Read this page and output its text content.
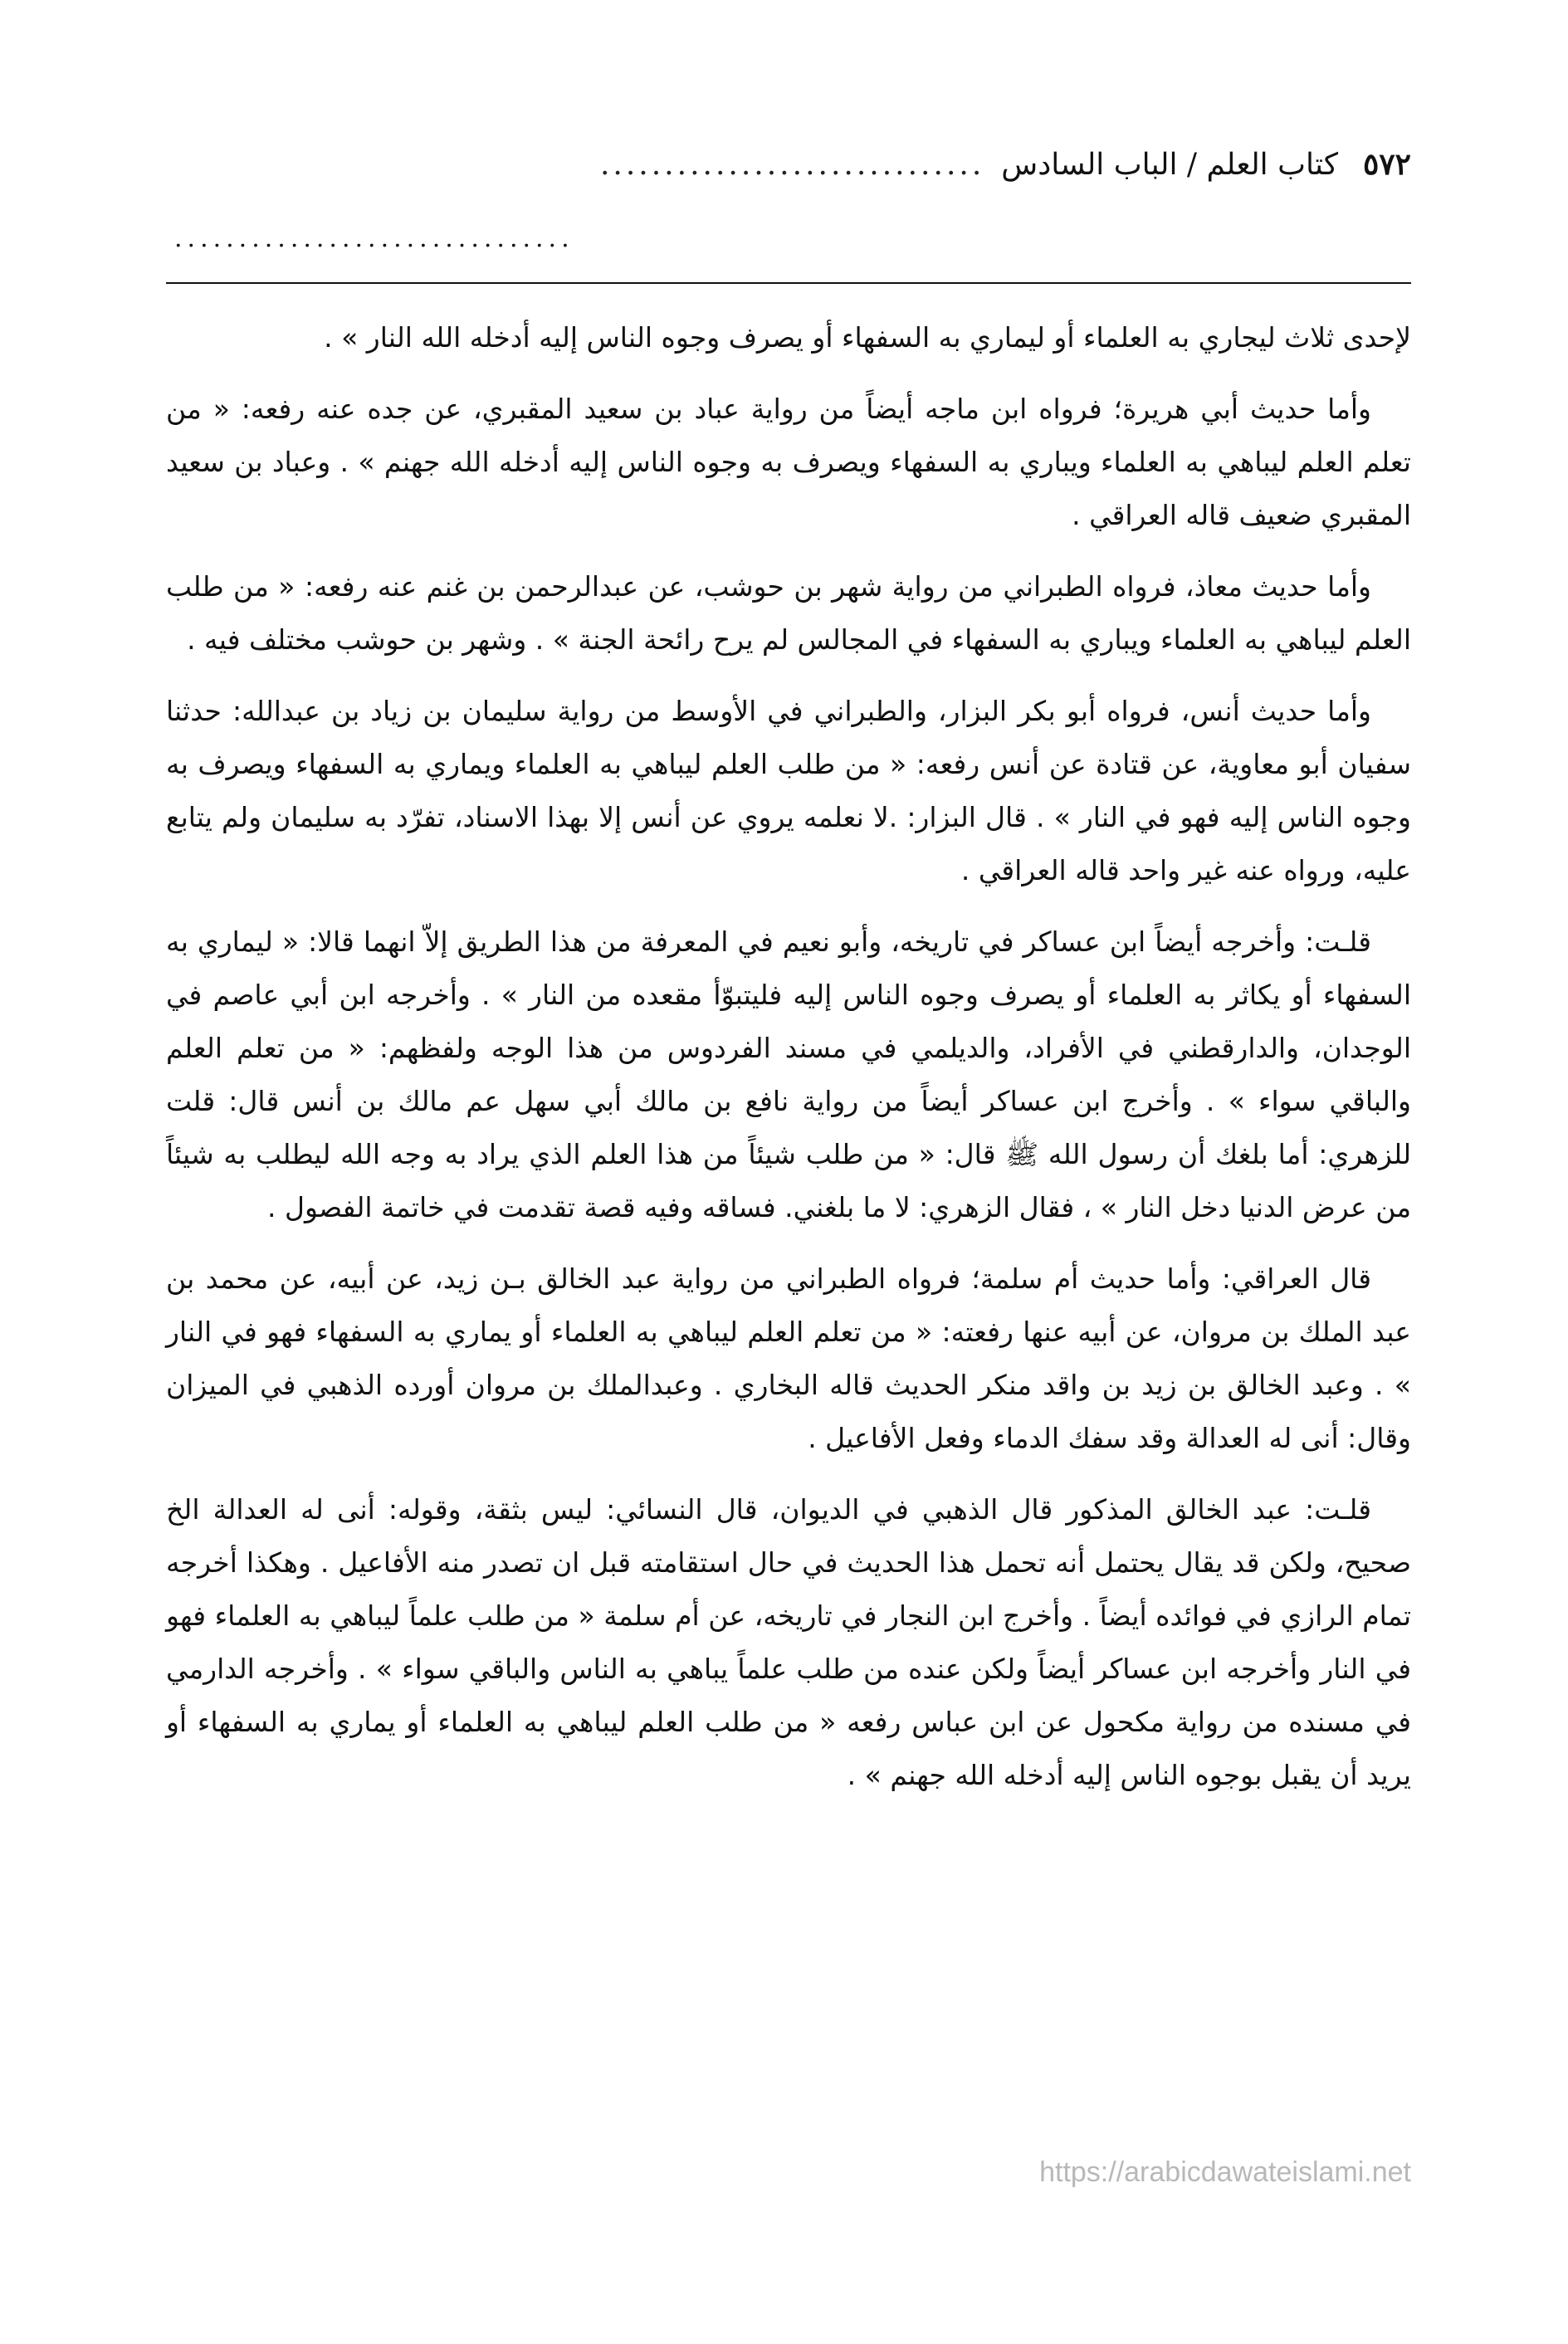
٥٧٢
كتاب العلم / الباب السادس
..............................
...............................

لإحدى ثلاث ليجاري به العلماء أو ليماري به السفهاء أو يصرف وجوه الناس إليه أدخله الله النار » .

وأما حديث أبي هريرة؛ فرواه ابن ماجه أيضاً من رواية عباد بن سعيد المقبري، عن جده عنه رفعه: « من تعلم العلم ليباهي به العلماء ويباري به السفهاء ويصرف به وجوه الناس إليه أدخله الله جهنم » . وعباد بن سعيد المقبري ضعيف قاله العراقي .

وأما حديث معاذ، فرواه الطبراني من رواية شهر بن حوشب، عن عبدالرحمن بن غنم عنه رفعه: « من طلب العلم ليباهي به العلماء ويباري به السفهاء في المجالس لم يرح رائحة الجنة » . وشهر بن حوشب مختلف فيه .

وأما حديث أنس، فرواه أبو بكر البزار، والطبراني في الأوسط من رواية سليمان بن زياد بن عبدالله: حدثنا سفيان أبو معاوية، عن قتادة عن أنس رفعه: « من طلب العلم ليباهي به العلماء ويماري به السفهاء ويصرف به وجوه الناس إليه فهو في النار » . قال البزار: .لا نعلمه يروي عن أنس إلا بهذا الاسناد، تفرّد به سليمان ولم يتابع عليه، ورواه عنه غير واحد قاله العراقي .

قلـت: وأخرجه أيضاً ابن عساكر في تاريخه، وأبو نعيم في المعرفة من هذا الطريق إلاّ انهما قالا: « ليماري به السفهاء أو يكاثر به العلماء أو يصرف وجوه الناس إليه فليتبوّأ مقعده من النار » . وأخرجه ابن أبي عاصم في الوجدان، والدارقطني في الأفراد، والديلمي في مسند الفردوس من هذا الوجه ولفظهم: « من تعلم العلم والباقي سواء » . وأخرج ابن عساكر أيضاً من رواية نافع بن مالك أبي سهل عم مالك بن أنس قال: قلت للزهري: أما بلغك أن رسول الله ﷺ قال: « من طلب شيئاً من هذا العلم الذي يراد به وجه الله ليطلب به شيئاً من عرض الدنيا دخل النار » ، فقال الزهري: لا ما بلغني. فساقه وفيه قصة تقدمت في خاتمة الفصول .

قال العراقي: وأما حديث أم سلمة؛ فرواه الطبراني من رواية عبد الخالق بـن زيد، عن أبيه، عن محمد بن عبد الملك بن مروان، عن أبيه عنها رفعته: « من تعلم العلم ليباهي به العلماء أو يماري به السفهاء فهو في النار » . وعبد الخالق بن زيد بن واقد منكر الحديث قاله البخاري . وعبدالملك بن مروان أورده الذهبي في الميزان وقال: أنى له العدالة وقد سفك الدماء وفعل الأفاعيل .

قلـت: عبد الخالق المذكور قال الذهبي في الديوان، قال النسائي: ليس بثقة، وقوله: أنى له العدالة الخ صحيح، ولكن قد يقال يحتمل أنه تحمل هذا الحديث في حال استقامته قبل ان تصدر منه الأفاعيل . وهكذا أخرجه تمام الرازي في فوائده أيضاً . وأخرج ابن النجار في تاريخه، عن أم سلمة « من طلب علماً ليباهي به العلماء فهو في النار وأخرجه ابن عساكر أيضاً ولكن عنده من طلب علماً يباهي به الناس والباقي سواء » . وأخرجه الدارمي في مسنده من رواية مكحول عن ابن عباس رفعه « من طلب العلم ليباهي به العلماء أو يماري به السفهاء أو يريد أن يقبل بوجوه الناس إليه أدخله الله جهنم » .

https://arabicdawateislami.net
